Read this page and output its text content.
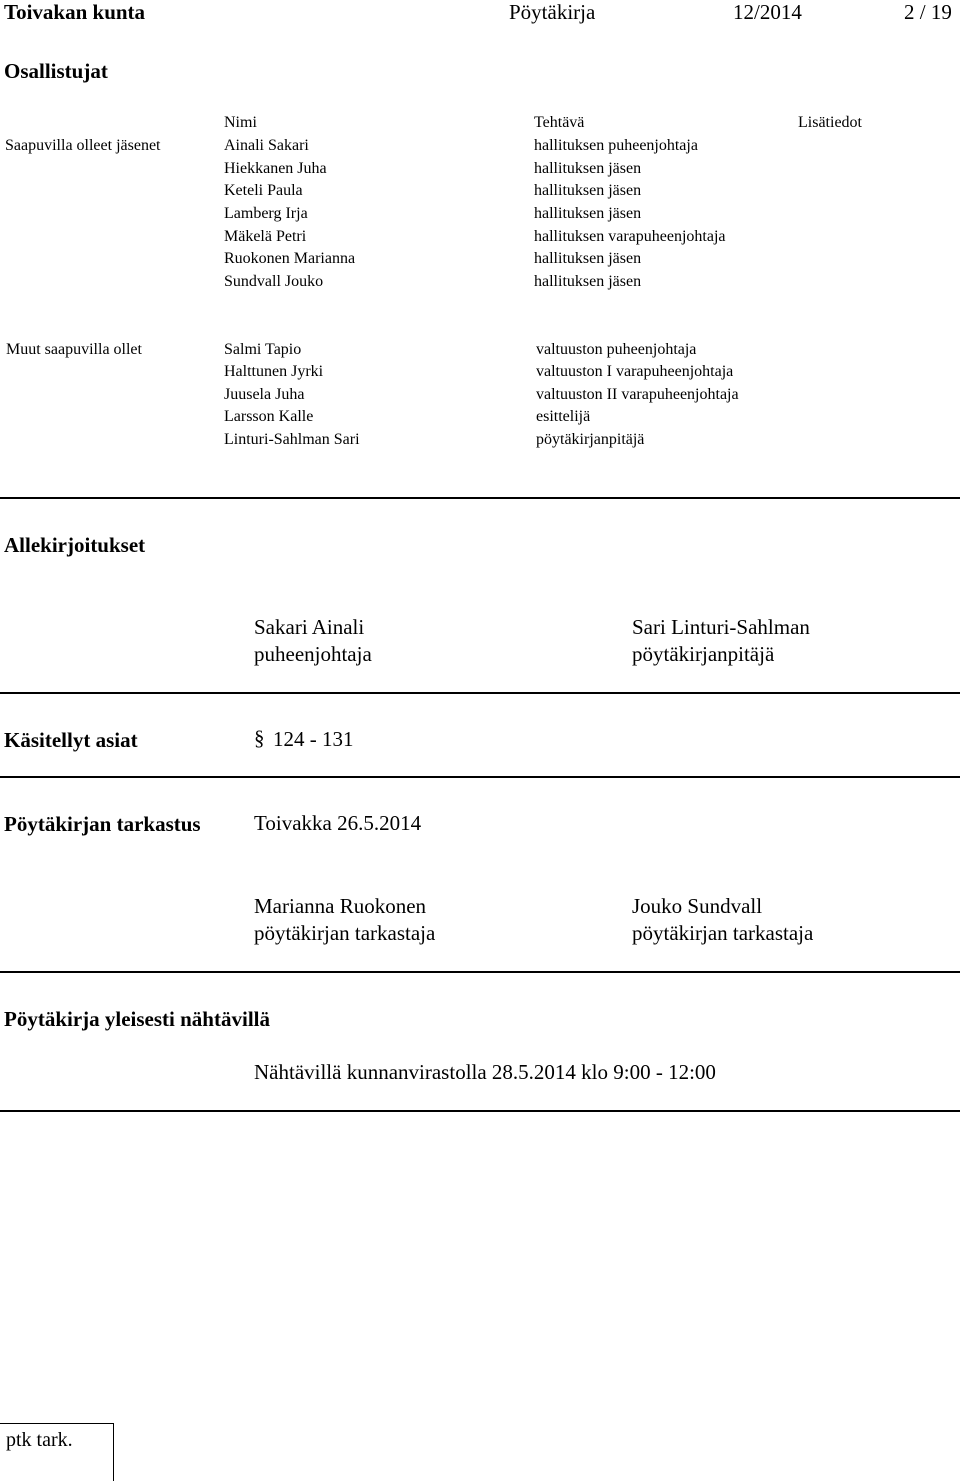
Toivakan kunta	Pöytäkirja	12/2014	2 / 19
Osallistujat
Nimi	Tehtävä	Lisätiedot
Saapuvilla olleet jäsenet	Ainali Sakari	hallituksen puheenjohtaja
Hiekkanen Juha	hallituksen jäsen
Keteli Paula	hallituksen jäsen
Lamberg Irja	hallituksen jäsen
Mäkelä Petri	hallituksen varapuheenjohtaja
Ruokonen Marianna	hallituksen jäsen
Sundvall Jouko	hallituksen jäsen
Muut saapuvilla ollet	Salmi Tapio	valtuuston puheenjohtaja
Halttunen Jyrki	valtuuston I varapuheenjohtaja
Juusela Juha	valtuuston II varapuheenjohtaja
Larsson Kalle	esittelijä
Linturi-Sahlman Sari	pöytäkirjanpitäjä
Allekirjoitukset
Sakari Ainali
puheenjohtaja
Sari Linturi-Sahlman
pöytäkirjanpitäjä
Käsitellyt asiat	§ 124 - 131
Pöytäkirjan tarkastus	Toivakka 26.5.2014
Marianna Ruokonen
pöytäkirjan tarkastaja
Jouko Sundvall
pöytäkirjan tarkastaja
Pöytäkirja yleisesti nähtävillä
Nähtävillä kunnanvirastolla 28.5.2014 klo 9:00 - 12:00
ptk tark.
